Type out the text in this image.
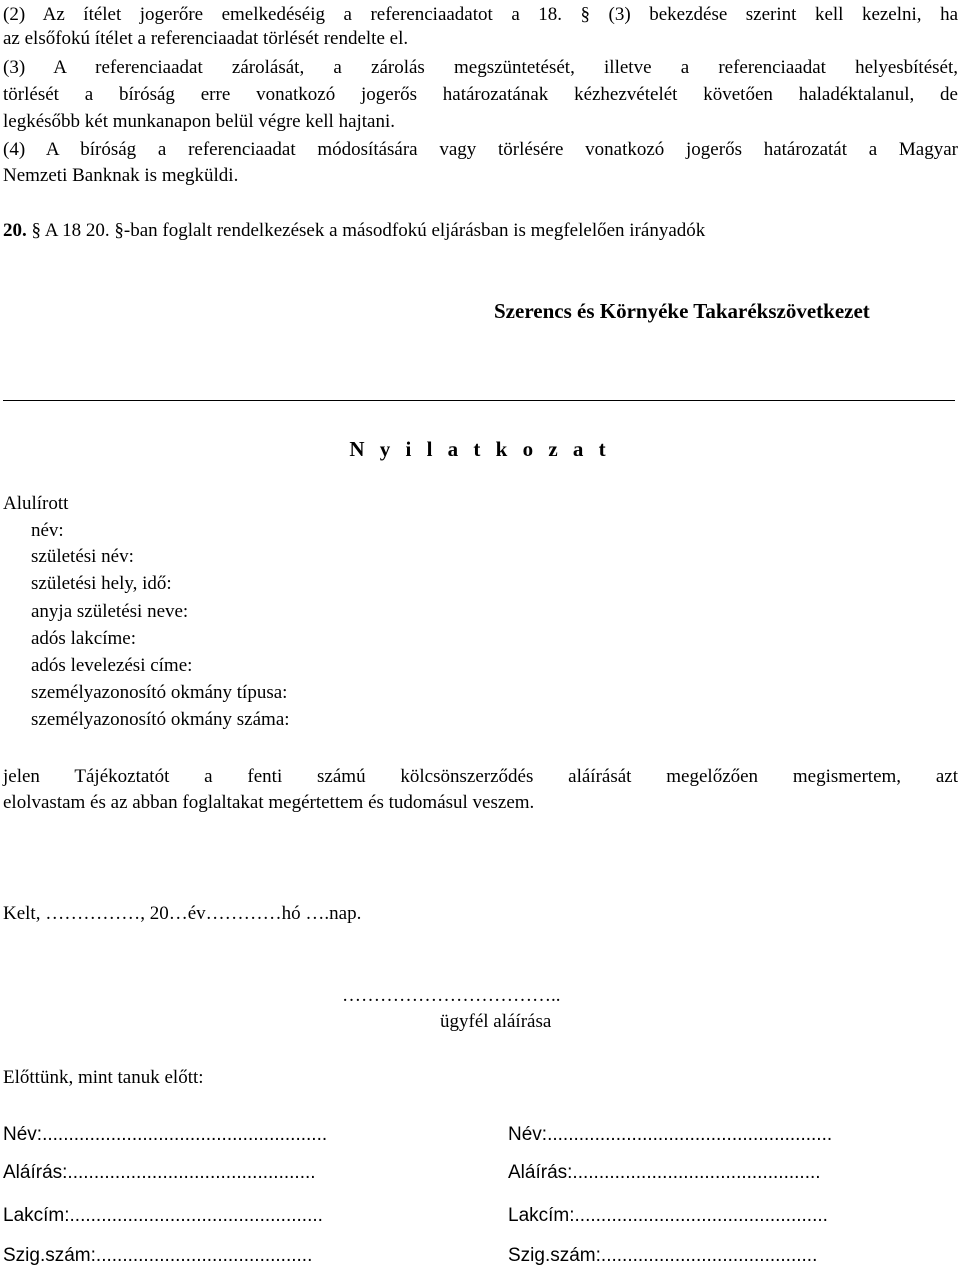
(2) Az ítélet jogerőre emelkedéséig a referenciaadatot a 18. § (3) bekezdése szerint kell kezelni, ha
az elsőfokú ítélet a referenciaadat törlését rendelte el.
(3) A referenciaadat zárolását, a zárolás megszüntetését, illetve a referenciaadat helyesbítését,
törlését a bíróság erre vonatkozó jogerős határozatának kézhezvételét követően haladéktalanul, de
legkésőbb két munkanapon belül végre kell hajtani.
(4) A bíróság a referenciaadat módosítására vagy törlésére vonatkozó jogerős határozatát a Magyar
Nemzeti Banknak is megküldi.
20. § A 18 20. §-ban foglalt rendelkezések a másodfokú eljárásban is megfelelően irányadók
Szerencs és Környéke Takarékszövetkezet
N y i l a t k o z a t
Alulírott
név:
születési név:
születési hely, idő:
anyja születési neve:
adós lakcíme:
adós levelezési címe:
személyazonosító okmány típusa:
személyazonosító okmány száma:
jelen Tájékoztatót a fenti számú kölcsönszerződés aláírását megelőzően megismertem, azt
elolvastam és az abban foglaltakat megértettem és tudomásul veszem.
Kelt, ……………, 20…év…………hó ….nap.
……………………………..
ügyfél aláírása
Előttünk, mint tanuk előtt:
Név:......................................................
Aláírás:...............................................
Lakcím:................................................
Szig.szám:.........................................
Név:......................................................
Aláírás:...............................................
Lakcím:................................................
Szig.szám:.........................................
